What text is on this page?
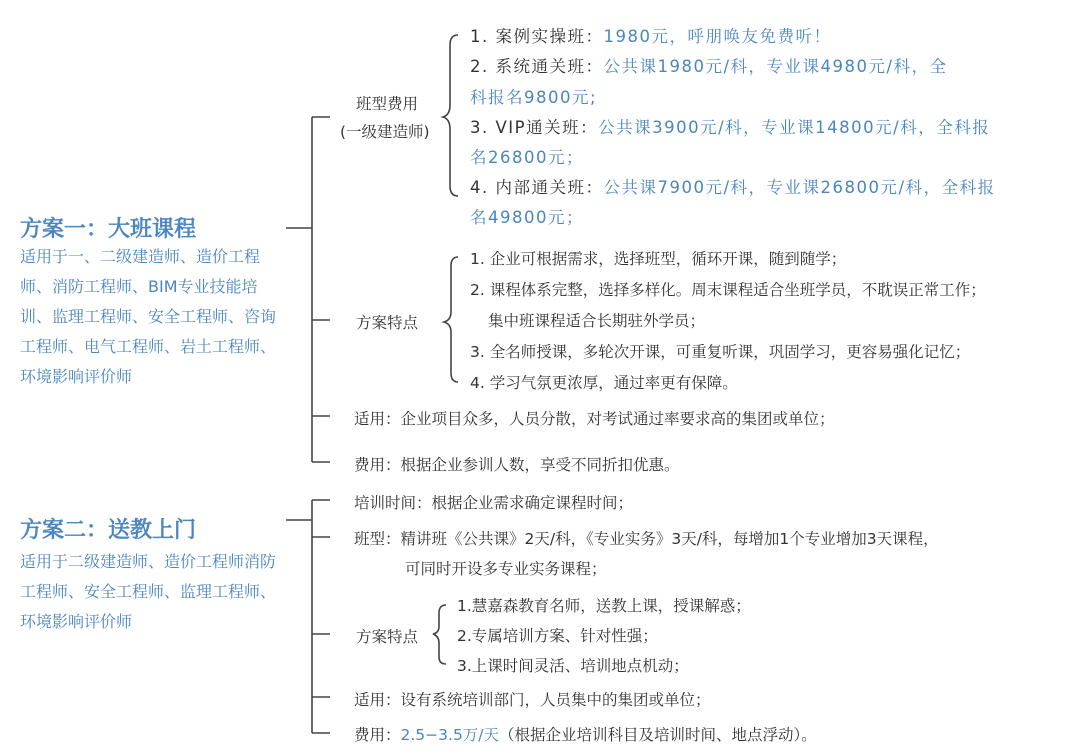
方案一：大班课程
适用于一、二级建造师、造价工程师、消防工程师、BIM专业技能培训、监理工程师、安全工程师、咨询工程师、电气工程师、岩土工程师、环境影响评价师
班型费用
(一级建造师)
1. 案例实操班：1980元，呼朋唤友免费听！
2. 系统通关班：公共课1980元/科，专业课4980元/科，全
科报名9800元;
3. VIP通关班：公共课3900元/科，专业课14800元/科，全科报
名26800元；
4. 内部通关班：公共课7900元/科，专业课26800元/科，全科报
名49800元；
方案特点
1. 企业可根据需求，选择班型，循环开课，随到随学；
2. 课程体系完整，选择多样化。周末课程适合坐班学员，不耽误正常工作；
集中班课程适合长期驻外学员；
3. 全名师授课，多轮次开课，可重复听课，巩固学习，更容易强化记忆；
4. 学习气氛更浓厚，通过率更有保障。
适用：企业项目众多，人员分散，对考试通过率要求高的集团或单位；
费用：根据企业参训人数，享受不同折扣优惠。
方案二：送教上门
适用于二级建造师、造价工程师消防工程师、安全工程师、监理工程师、环境影响评价师
培训时间：根据企业需求确定课程时间；
班型：精讲班《公共课》2天/科，《专业实务》3天/科，每增加1个专业增加3天课程，
可同时开设多专业实务课程；
方案特点
1.慧嘉森教育名师，送教上课，授课解惑；
2.专属培训方案、针对性强；
3.上课时间灵活、培训地点机动；
适用：设有系统培训部门，人员集中的集团或单位；
费用：2.5−3.5万/天（根据企业培训科目及培训时间、地点浮动）。
